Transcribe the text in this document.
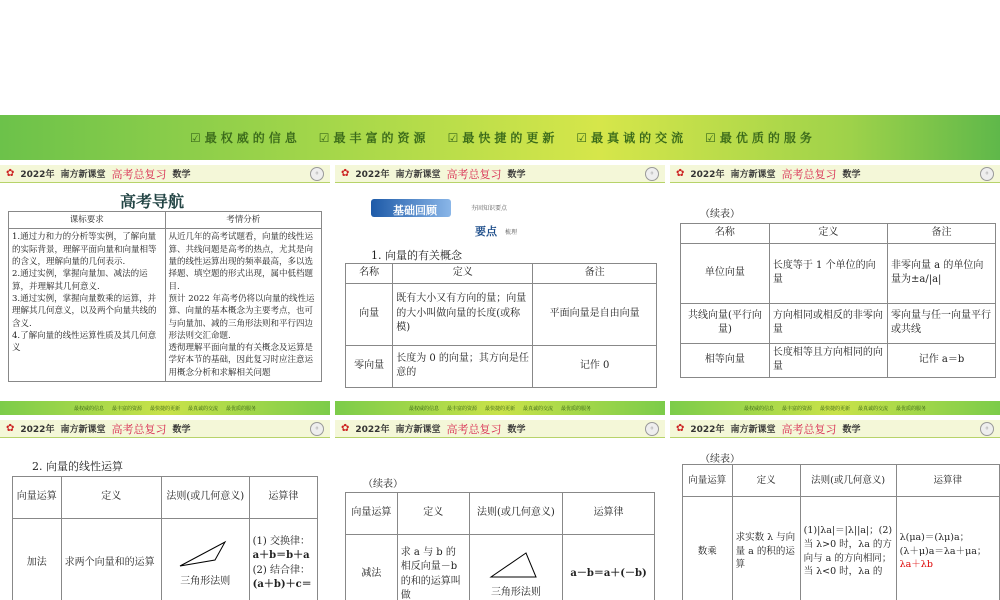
☑最权威的信息 ☑最丰富的资源 ☑最快捷的更新 ☑最真诚的交流 ☑最优质的服务
✿ 2022年 南方新课堂 高考总复习 数学	◦
高考导航
课标要求	考情分析
1.通过力和力的分析等实例，了解向量的实际背景，理解平面向量和向量相等的含义，理解向量的几何表示.
2.通过实例，掌握向量加、减法的运算，并理解其几何意义.
3.通过实例，掌握向量数乘的运算，并理解其几何意义，以及两个向量共线的含义.
4.了解向量的线性运算性质及其几何意义	从近几年的高考试题看，向量的线性运算、共线问题是高考的热点，尤其是向量的线性运算出现的频率最高，多以选择题、填空题的形式出现，属中低档题目.
预计 2022 年高考仍将以向量的线性运算、向量的基本概念为主要考点，也可与向量加、减的三角形法则和平行四边形法则交汇命题.
透彻理解平面向量的有关概念及运算是学好本节的基础，因此复习时应注意运用概念分析和求解相关问题
最权威的信息 最丰富的资源 最快捷的更新 最真诚的交流 最优质的服务
✿ 2022年 南方新课堂 高考总复习 数学	◦
基础回顾	夯固知识要点
要点 梳理
1. 向量的有关概念
名称	定义	备注
向量	既有大小又有方向的量；向量的大小叫做向量的长度(或称模)	平面向量是自由向量
零向量	长度为 0 的向量；其方向是任意的	记作 0
最权威的信息 最丰富的资源 最快捷的更新 最真诚的交流 最优质的服务
✿ 2022年 南方新课堂 高考总复习 数学	◦
（续表）
名称	定义	备注
单位向量	长度等于 1 个单位的向量	非零向量 a 的单位向量为±a/|a|
共线向量(平行向量)	方向相同或相反的非零向量	零向量与任一向量平行或共线
相等向量	长度相等且方向相同的向量	记作 a＝b
最权威的信息 最丰富的资源 最快捷的更新 最真诚的交流 最优质的服务
✿ 2022年 南方新课堂 高考总复习 数学	◦
2. 向量的线性运算
向量运算	定义	法则(或几何意义)	运算律
加法	求两个向量和的运算	三角形法则	(1) 交换律：
a＋b＝b＋a
(2) 结合律：
(a＋b)＋c＝
✿ 2022年 南方新课堂 高考总复习 数学	◦
（续表）
向量运算	定义	法则(或几何意义)	运算律
减法	求 a 与 b 的相反向量－b 的和的运算叫做	三角形法则	a－b＝a＋(－b)
✿ 2022年 南方新课堂 高考总复习 数学	◦
（续表）
向量运算	定义	法则(或几何意义)	运算律
数乘	求实数 λ 与向量 a 的积的运算	(1)|λa|＝|λ||a|；(2) 当 λ>0 时，λa 的方向与 a 的方向相同；当 λ<0 时，λa 的	λ(μa)＝(λμ)a；
(λ＋μ)a＝λa＋μa；
λa＋λb
